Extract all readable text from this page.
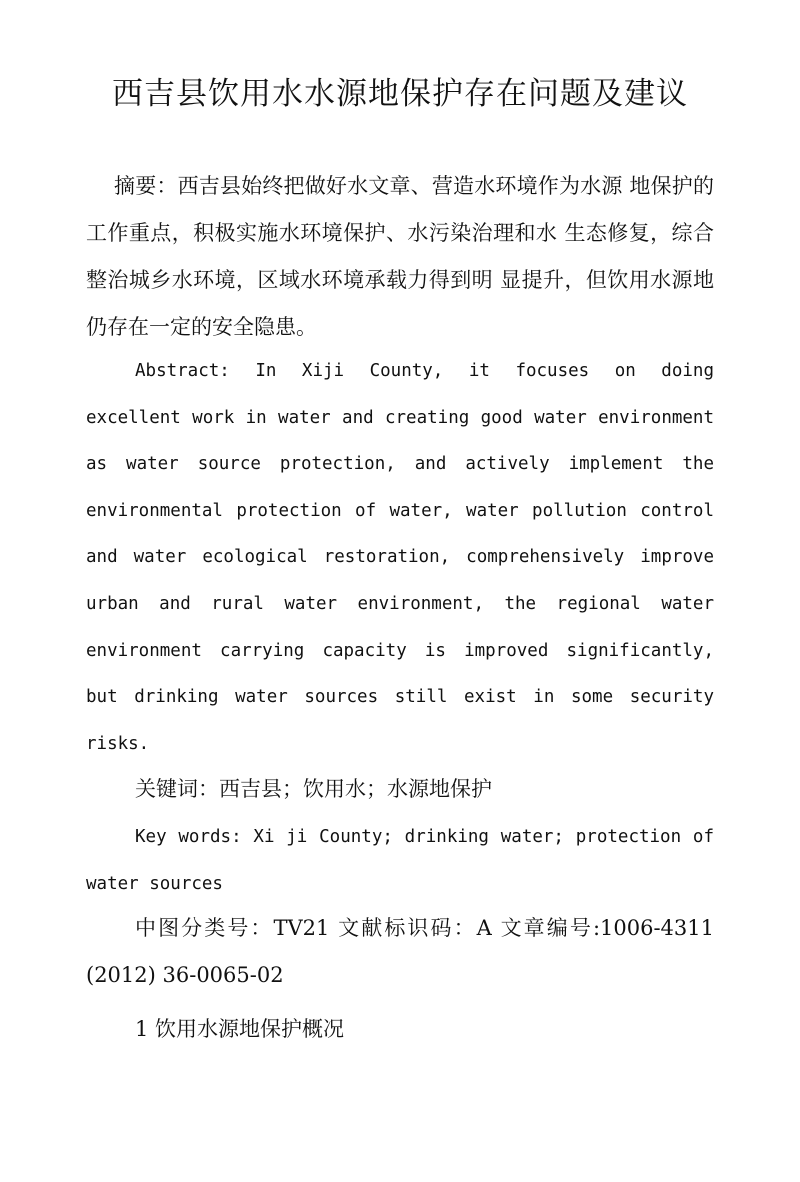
西吉县饮用水水源地保护存在问题及建议

摘要：西吉县始终把做好水文章、营造水环境作为水源 地保护的工作重点，积极实施水环境保护、水污染治理和水 生态修复，综合整治城乡水环境，区域水环境承载力得到明 显提升，但饮用水源地仍存在一定的安全隐患。

Abstract: In Xiji County, it focuses on doing excellent work in water and creating good water environment as water source protection, and actively implement the environmental protection of water, water pollution control and water ecological restoration, comprehensively improve urban and rural water environment, the regional water environment carrying capacity is improved significantly, but drinking water sources still exist in some security risks.

关键词：西吉县；饮用水；水源地保护

Key words: Xi ji County; drinking water; protection of water sources

中图分类号：TV21 文献标识码：A 文章编号:1006-4311 (2012) 36-0065-02

1 饮用水源地保护概况
